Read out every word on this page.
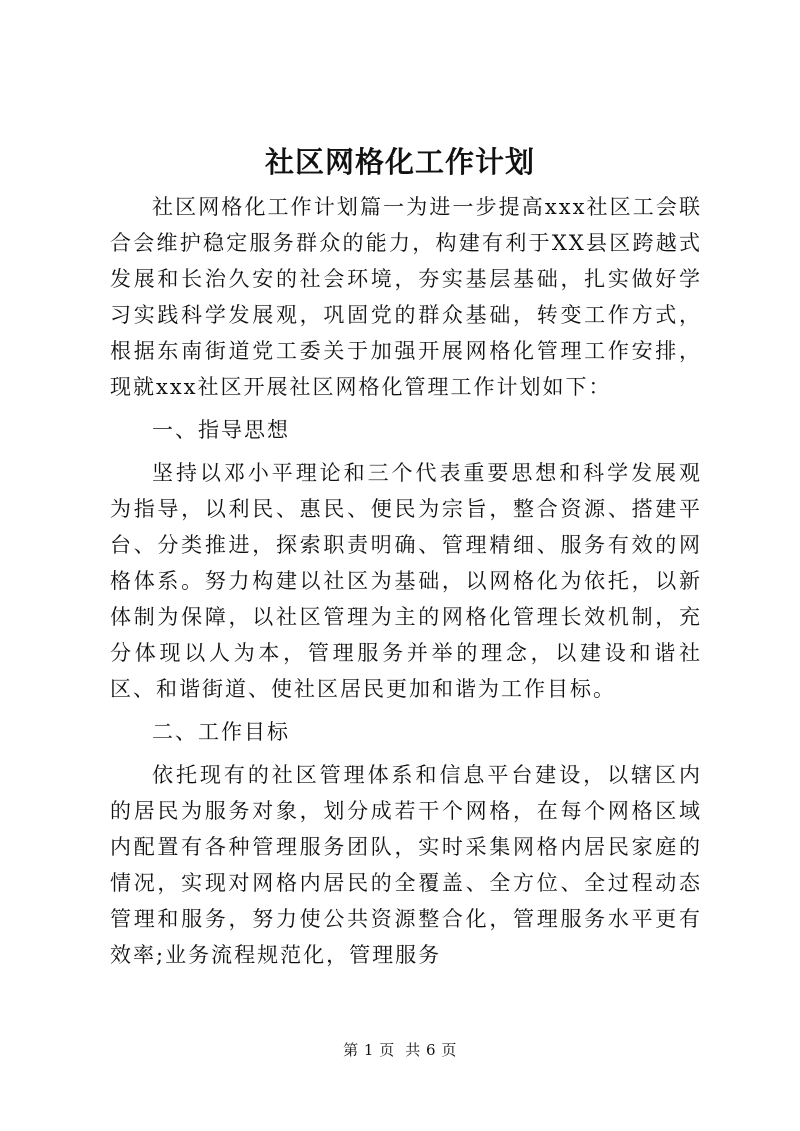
社区网格化工作计划

社区网格化工作计划篇一为进一步提高xxx社区工会联合会维护稳定服务群众的能力，构建有利于XX县区跨越式发展和长治久安的社会环境，夯实基层基础，扎实做好学习实践科学发展观，巩固党的群众基础，转变工作方式，根据东南街道党工委关于加强开展网格化管理工作安排，现就xxx社区开展社区网格化管理工作计划如下：

一、指导思想

坚持以邓小平理论和三个代表重要思想和科学发展观为指导，以利民、惠民、便民为宗旨，整合资源、搭建平台、分类推进，探索职责明确、管理精细、服务有效的网格体系。努力构建以社区为基础，以网格化为依托，以新体制为保障，以社区管理为主的网格化管理长效机制，充分体现以人为本，管理服务并举的理念，以建设和谐社区、和谐街道、使社区居民更加和谐为工作目标。

二、工作目标

依托现有的社区管理体系和信息平台建设，以辖区内的居民为服务对象，划分成若干个网格，在每个网格区域内配置有各种管理服务团队，实时采集网格内居民家庭的情况，实现对网格内居民的全覆盖、全方位、全过程动态管理和服务，努力使公共资源整合化，管理服务水平更有效率;业务流程规范化，管理服务

第 1 页  共 6 页
